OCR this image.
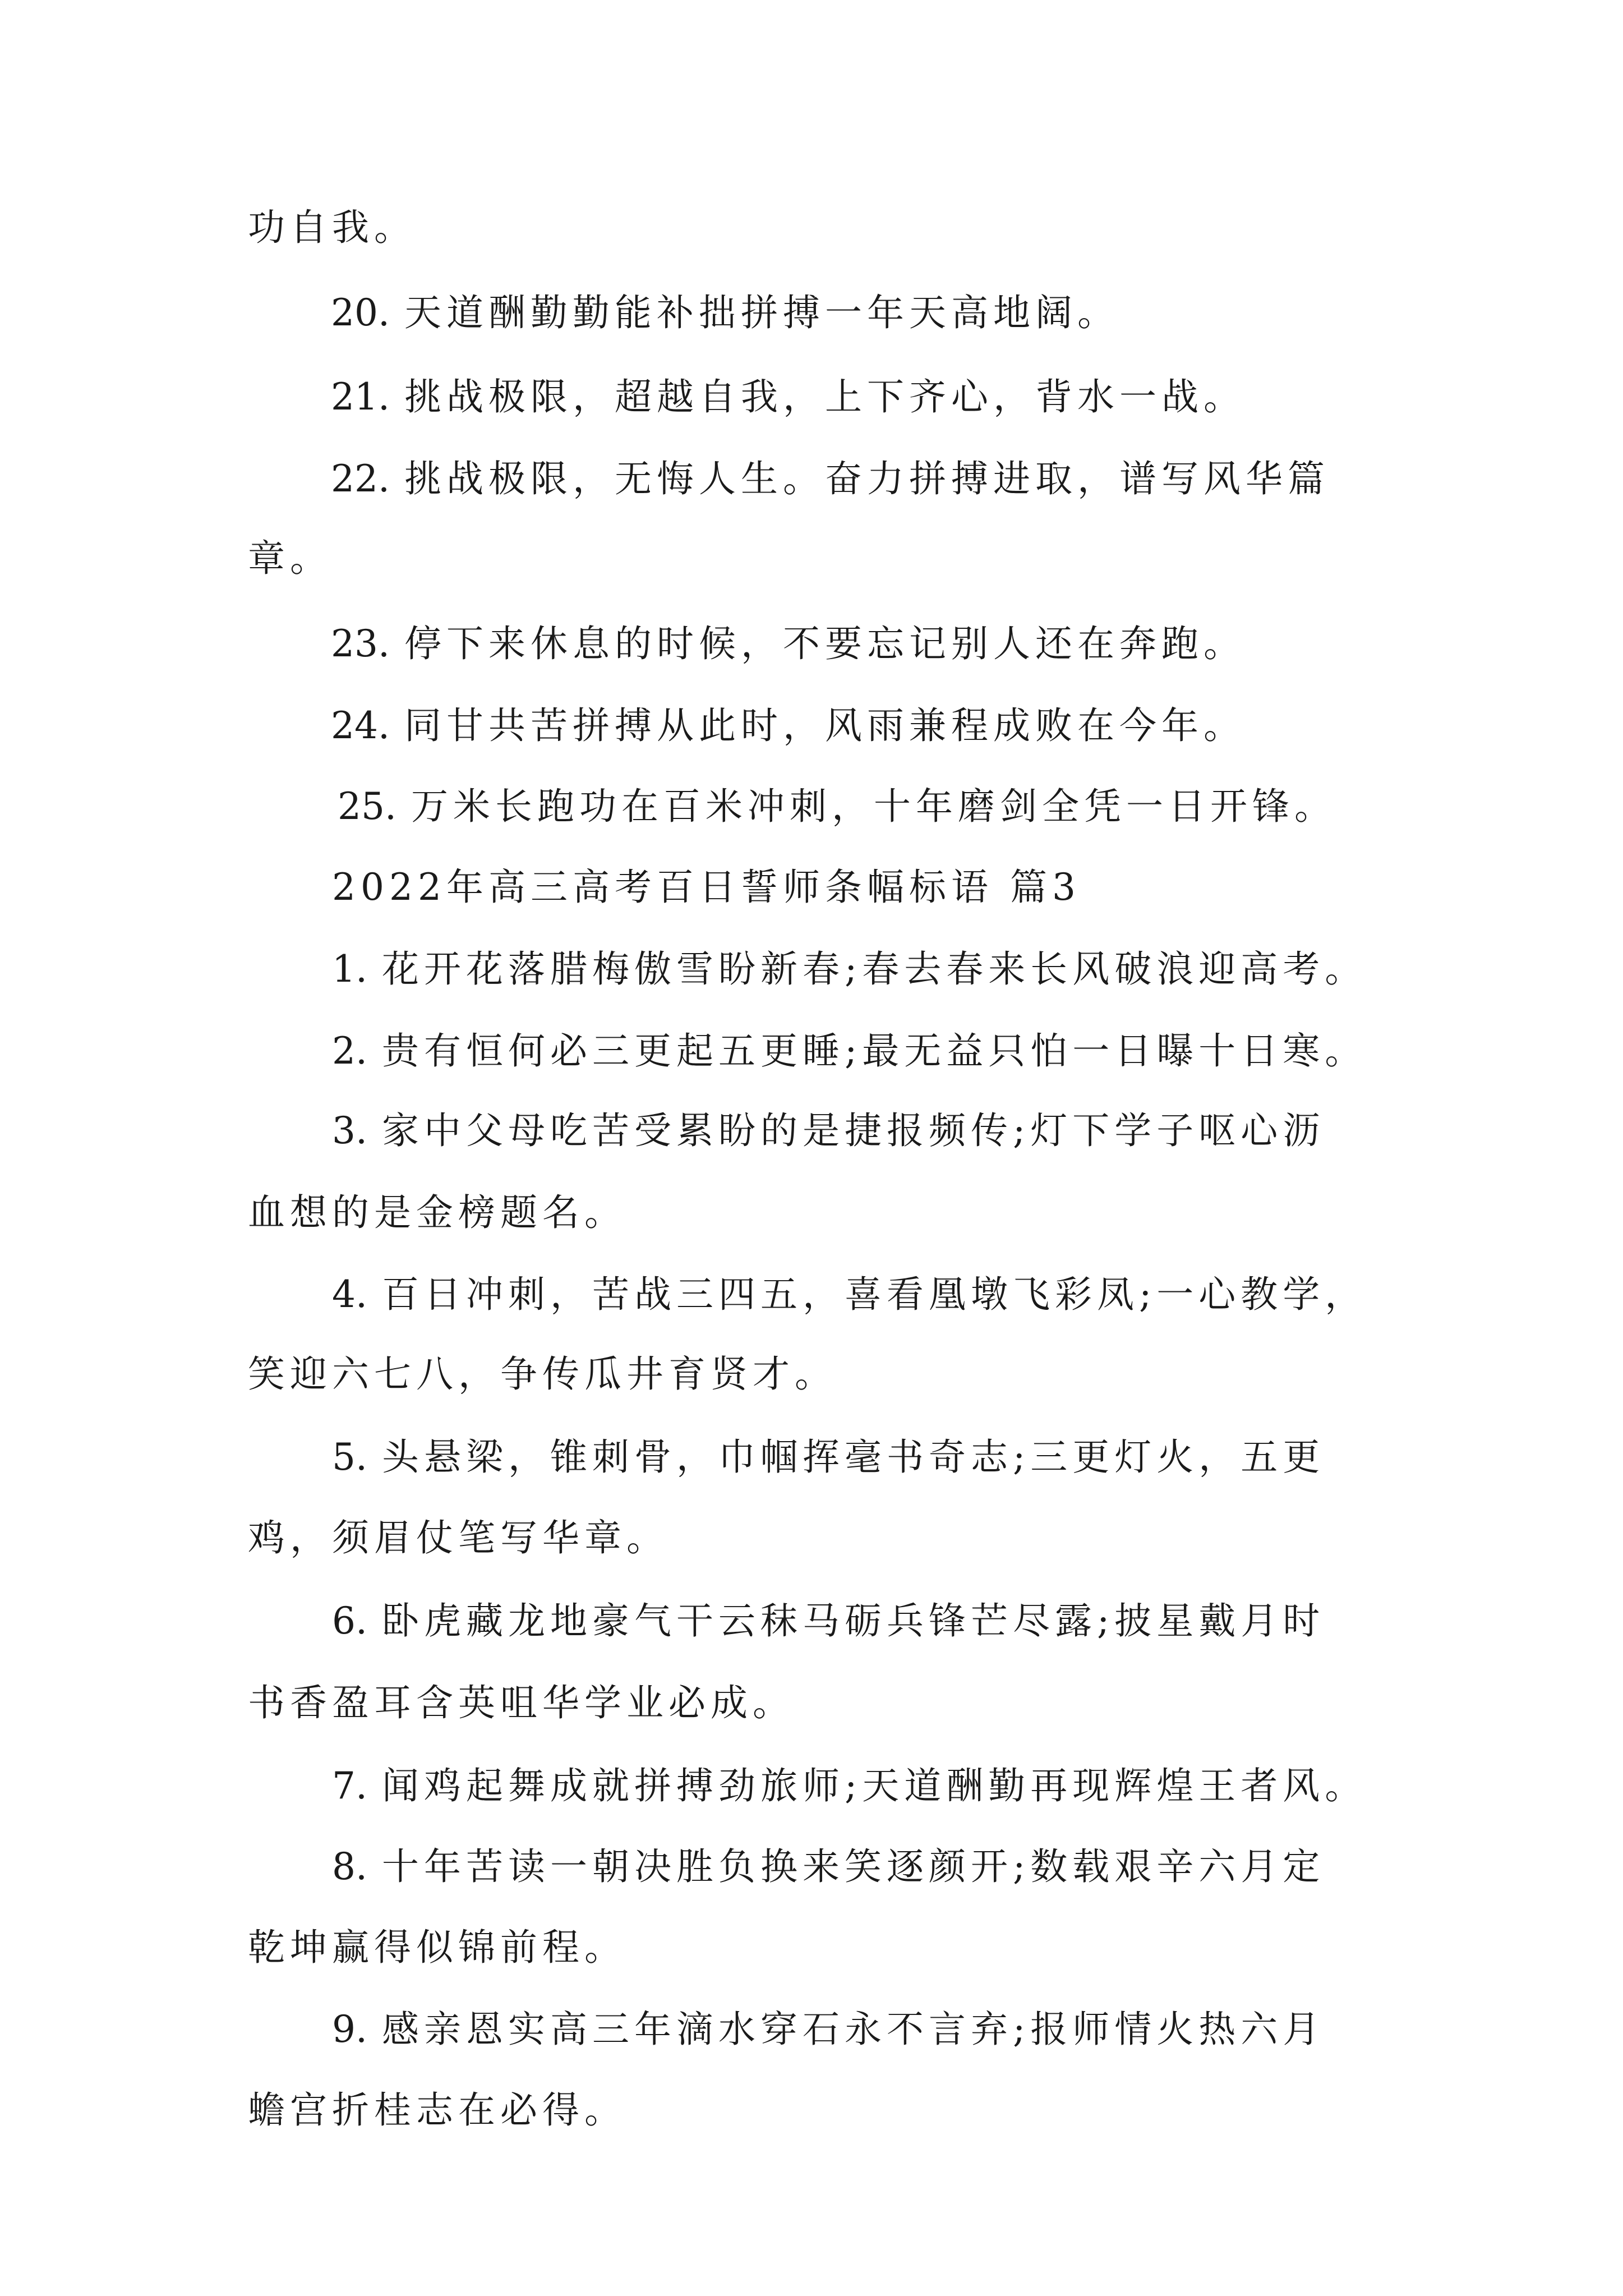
功自我。
20. 天道酬勤勤能补拙拼搏一年天高地阔。
21. 挑战极限，超越自我，上下齐心，背水一战。
22. 挑战极限，无悔人生。奋力拼搏进取，谱写风华篇
章。
23. 停下来休息的时候，不要忘记别人还在奔跑。
24. 同甘共苦拼搏从此时，风雨兼程成败在今年。
25. 万米长跑功在百米冲刺，十年磨剑全凭一日开锋。
2022年高三高考百日誓师条幅标语 篇3
1. 花开花落腊梅傲雪盼新春;春去春来长风破浪迎高考。
2. 贵有恒何必三更起五更睡;最无益只怕一日曝十日寒。
3. 家中父母吃苦受累盼的是捷报频传;灯下学子呕心沥
血想的是金榜题名。
4. 百日冲刺，苦战三四五，喜看凰墩飞彩凤;一心教学，
笑迎六七八，争传瓜井育贤才。
5. 头悬梁，锥刺骨，巾帼挥毫书奇志;三更灯火，五更
鸡，须眉仗笔写华章。
6. 卧虎藏龙地豪气干云秣马砺兵锋芒尽露;披星戴月时
书香盈耳含英咀华学业必成。
7. 闻鸡起舞成就拼搏劲旅师;天道酬勤再现辉煌王者风。
8. 十年苦读一朝决胜负换来笑逐颜开;数载艰辛六月定
乾坤赢得似锦前程。
9. 感亲恩实高三年滴水穿石永不言弃;报师情火热六月
蟾宫折桂志在必得。
